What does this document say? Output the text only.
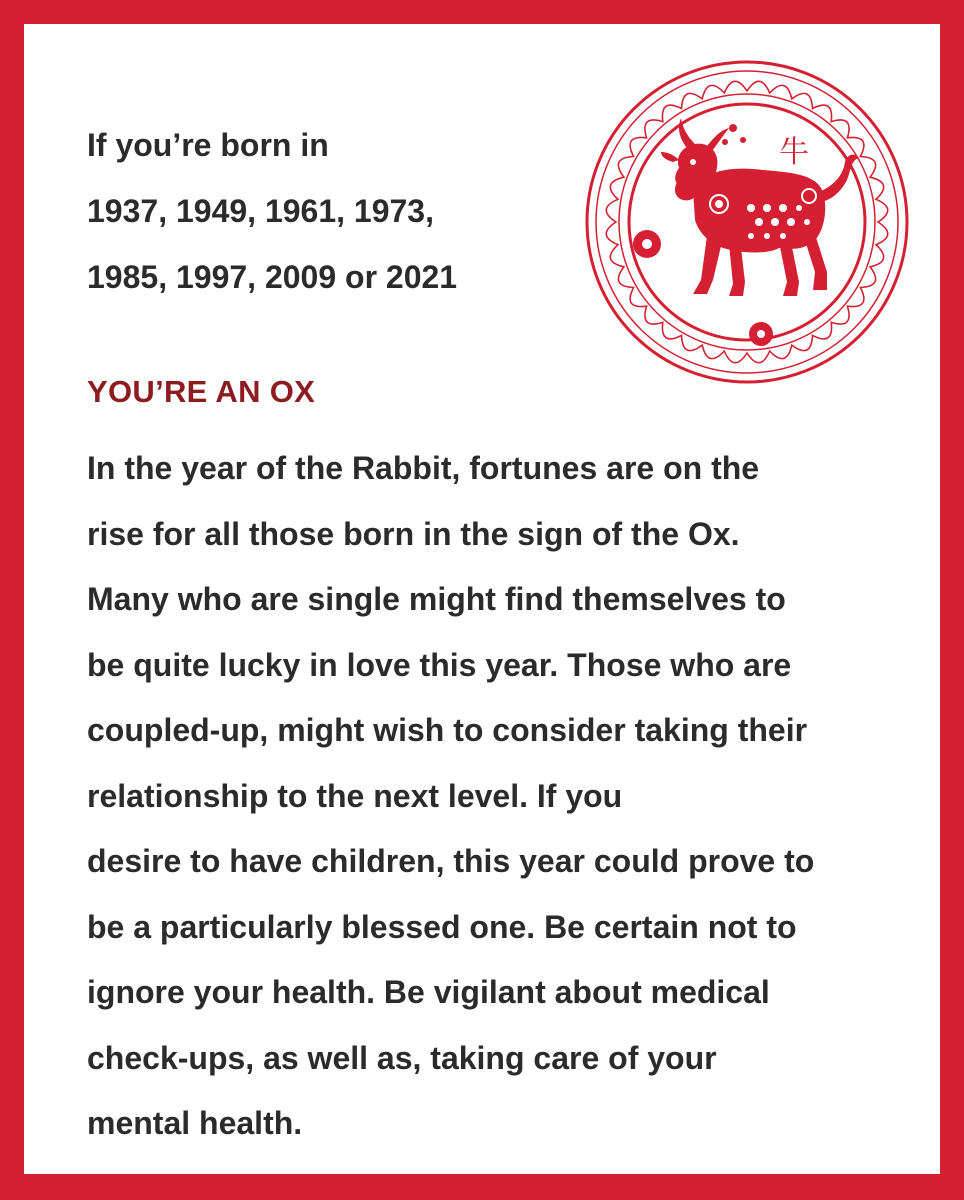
If you’re born in
1937, 1949, 1961, 1973,
1985, 1997, 2009 or 2021
牛
YOU’RE AN OX
In the year of the Rabbit, fortunes are on the
rise for all those born in the sign of the Ox.
Many who are single might find themselves to
be quite lucky in love this year. Those who are
coupled-up, might wish to consider taking their
relationship to the next level. If you
desire to have children, this year could prove to
be a particularly blessed one. Be certain not to
ignore your health. Be vigilant about medical
check-ups, as well as, taking care of your
mental health.
